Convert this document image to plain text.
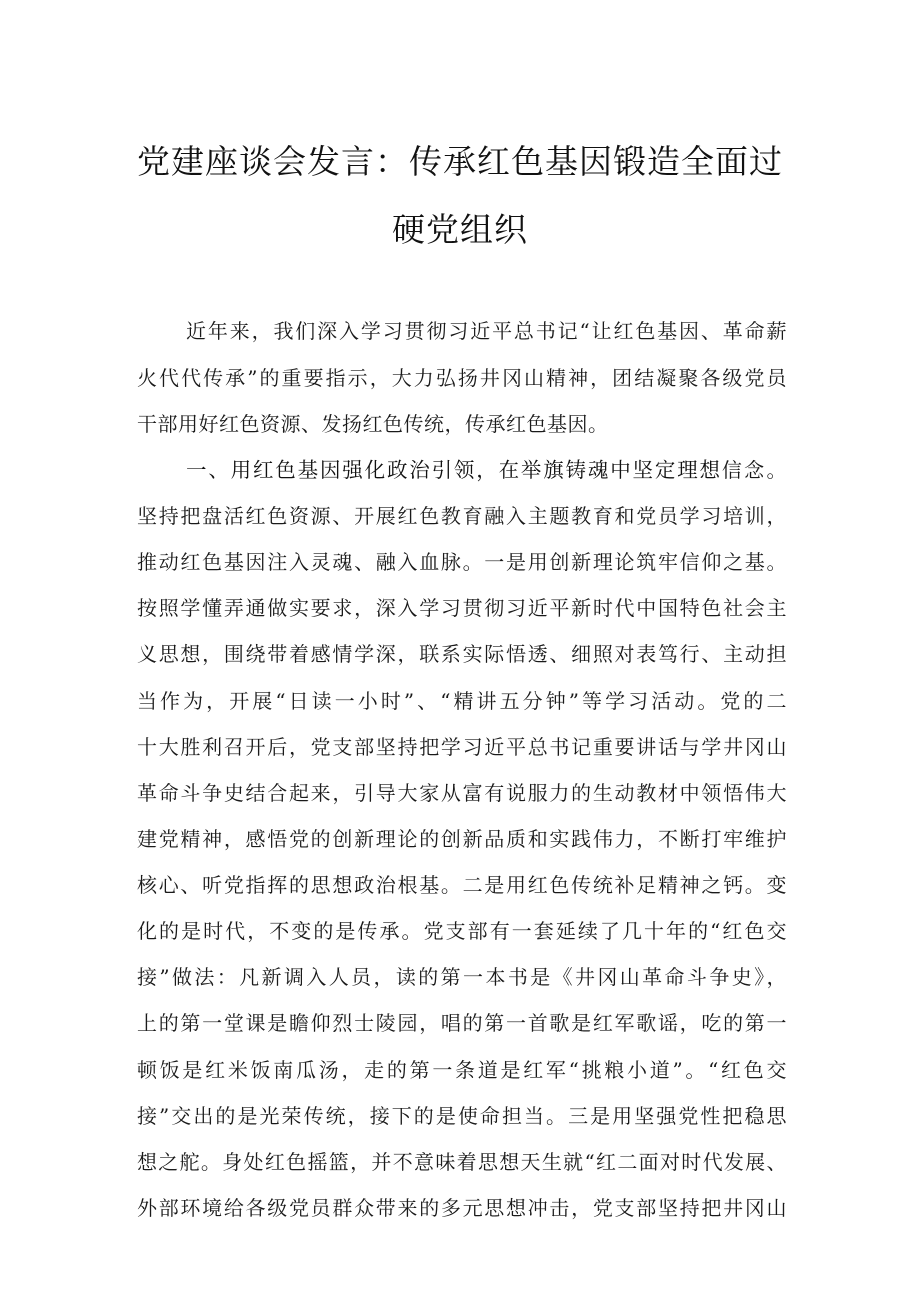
党建座谈会发言：传承红色基因锻造全面过
硬党组织
近年来，我们深入学习贯彻习近平总书记“让红色基因、革命薪
火代代传承”的重要指示，大力弘扬井冈山精神，团结凝聚各级党员
干部用好红色资源、发扬红色传统，传承红色基因。
一、用红色基因强化政治引领，在举旗铸魂中坚定理想信念。
坚持把盘活红色资源、开展红色教育融入主题教育和党员学习培训，
推动红色基因注入灵魂、融入血脉。一是用创新理论筑牢信仰之基。
按照学懂弄通做实要求，深入学习贯彻习近平新时代中国特色社会主
义思想，围绕带着感情学深，联系实际悟透、细照对表笃行、主动担
当作为，开展“日读一小时”、“精讲五分钟”等学习活动。党的二
十大胜利召开后，党支部坚持把学习近平总书记重要讲话与学井冈山
革命斗争史结合起来，引导大家从富有说服力的生动教材中领悟伟大
建党精神，感悟党的创新理论的创新品质和实践伟力，不断打牢维护
核心、听党指挥的思想政治根基。二是用红色传统补足精神之钙。变
化的是时代，不变的是传承。党支部有一套延续了几十年的“红色交
接”做法：凡新调入人员，读的第一本书是《井冈山革命斗争史》，
上的第一堂课是瞻仰烈士陵园，唱的第一首歌是红军歌谣，吃的第一
顿饭是红米饭南瓜汤，走的第一条道是红军“挑粮小道”。“红色交
接”交出的是光荣传统，接下的是使命担当。三是用坚强党性把稳思
想之舵。身处红色摇篮，并不意味着思想天生就“红二面对时代发展、
外部环境给各级党员群众带来的多元思想冲击，党支部坚持把井冈山
